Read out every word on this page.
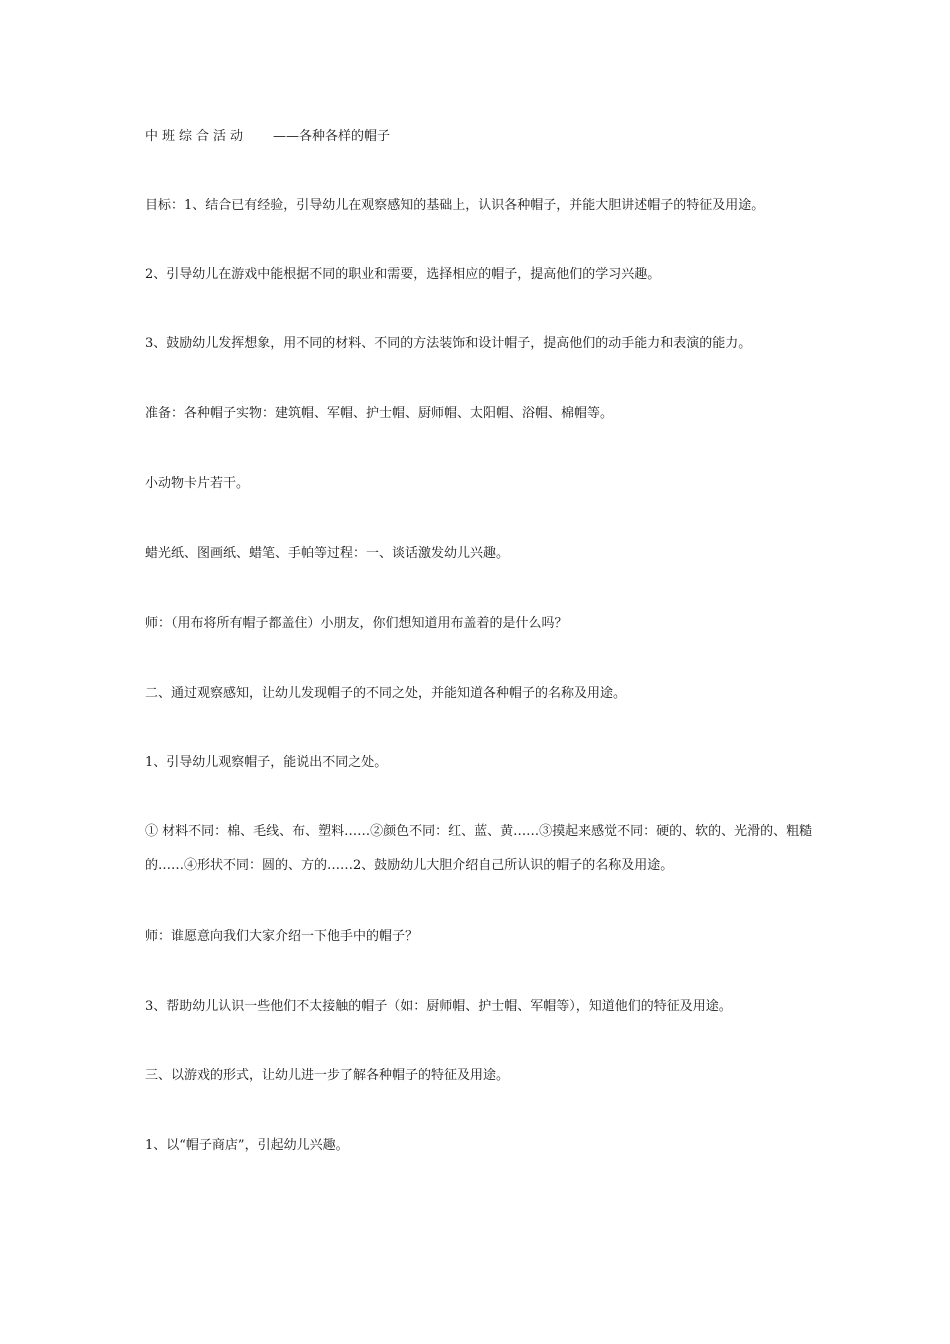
中班综合活动 ——各种各样的帽子
目标：1、结合已有经验，引导幼儿在观察感知的基础上，认识各种帽子，并能大胆讲述帽子的特征及用途。
2、引导幼儿在游戏中能根据不同的职业和需要，选择相应的帽子，提高他们的学习兴趣。
3、鼓励幼儿发挥想象，用不同的材料、不同的方法装饰和设计帽子，提高他们的动手能力和表演的能力。
准备：各种帽子实物：建筑帽、军帽、护士帽、厨师帽、太阳帽、浴帽、棉帽等。
小动物卡片若干。
蜡光纸、图画纸、蜡笔、手帕等过程：一、谈话激发幼儿兴趣。
师：（用布将所有帽子都盖住）小朋友，你们想知道用布盖着的是什么吗？
二、通过观察感知，让幼儿发现帽子的不同之处，并能知道各种帽子的名称及用途。
1、引导幼儿观察帽子，能说出不同之处。
① 材料不同：棉、毛线、布、塑料……②颜色不同：红、蓝、黄……③摸起来感觉不同：硬的、软的、光滑的、粗糙的……④形状不同：圆的、方的……2、鼓励幼儿大胆介绍自己所认识的帽子的名称及用途。
师：谁愿意向我们大家介绍一下他手中的帽子？
3、帮助幼儿认识一些他们不太接触的帽子（如：厨师帽、护士帽、军帽等），知道他们的特征及用途。
三、以游戏的形式，让幼儿进一步了解各种帽子的特征及用途。
1、以“帽子商店”，引起幼儿兴趣。
